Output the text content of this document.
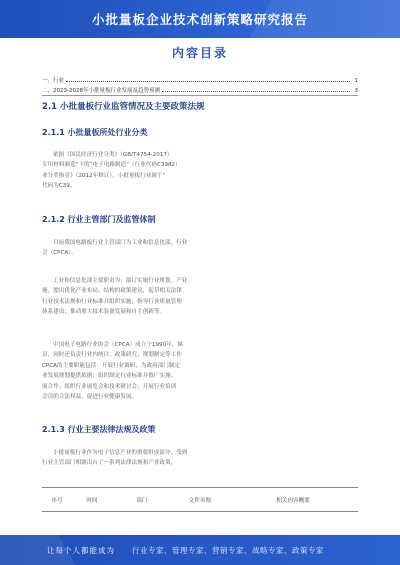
小批量板企业技术创新策略研究报告
内容目录
一、行业	1
二、2023-2028年小批量板行业发展及趋势预测	3
2.1 小批量板行业监管情况及主要政策法规
2.1.1 小批量板所处行业分类
依据《国民经济行业分类》（GB/T4754-2017）
专用材料制造”下的“电子电路制造”（行业代码C3982）
业分类指引》（2012年修订），小批量板行业属于“
代码为C39。
2.1.2 行业主管部门及监管体制
目前我国电路板行业主管部门为工业和信息化部，行业
会（CPCA）。
工业和信息化部主要职责为：拟订实施行业规划、产业
施，提出优化产业布局、结构的政策建议，起草相关法律
行业技术法规和行业标准并组织实施，指导行业质量管理
体系建设；推动重大技术装备发展和自主创新等。
中国电子电路行业协会（CPCA）成立于1990年，属
员，同时还负责行业内统计、政策研究、规划制定等工作
CPCA的主要职能包括：开展行业调研，为政府部门制定
业发展规划提供依据；组织制定行业标准并推广实施；
流合作；组织行业展览会和技术研讨会；开展行业培训
会员的合法权益，促进行业健康发展。
2.1.3 行业主要法律法规及政策
小批量板行业作为电子信息产业的重要组成部分，受到
行业主管部门相继出台了一系列法律法规和产业政策，
序号	时间	部门	文件名称	相关内容概要
让每个人都能成为 行业专家、管理专家、营销专家、战略专家、政策专家
